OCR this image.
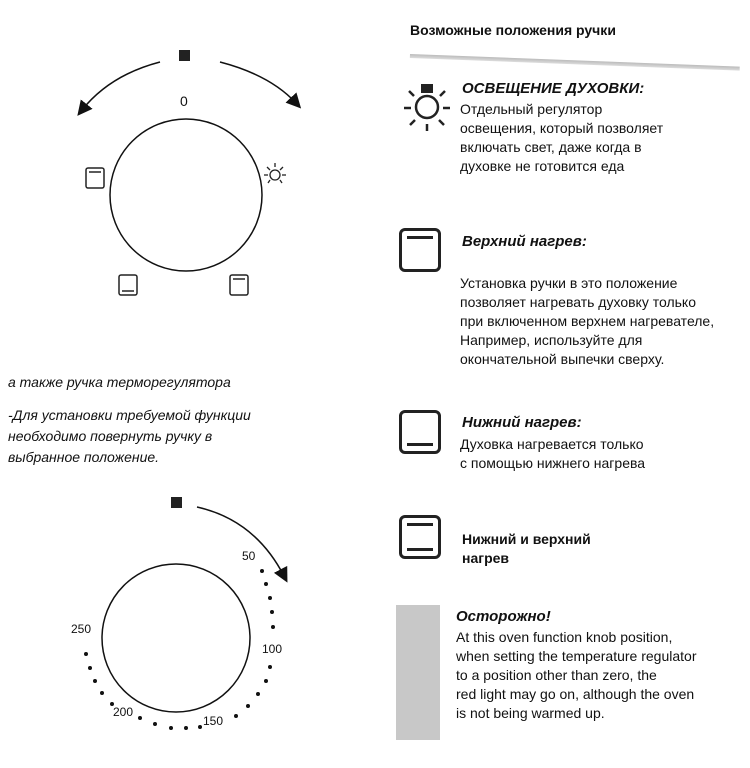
0
50
100
150
200
250
а также ручка терморегулятора
-Для установки требуемой функции
необходимо повернуть ручку в
выбранное положение.
Возможные положения ручки
ОСВЕЩЕНИЕ ДУХОВКИ:
Отдельный регулятор
освещения, который позволяет
включать свет, даже когда в
духовке не готовится еда
Верхний нагрев:
Установка ручки в это положение
позволяет нагревать духовку только
при включенном верхнем нагревателе,
Например, используйте для
окончательной выпечки сверху.
Нижний нагрев:
Духовка нагревается только
с помощью нижнего нагрева
Нижний и верхний
нагрев
Осторожно!
At this oven function knob position,
when setting the temperature regulator
to a position other than zero, the
red light may go on, although the oven
is not being warmed up.
